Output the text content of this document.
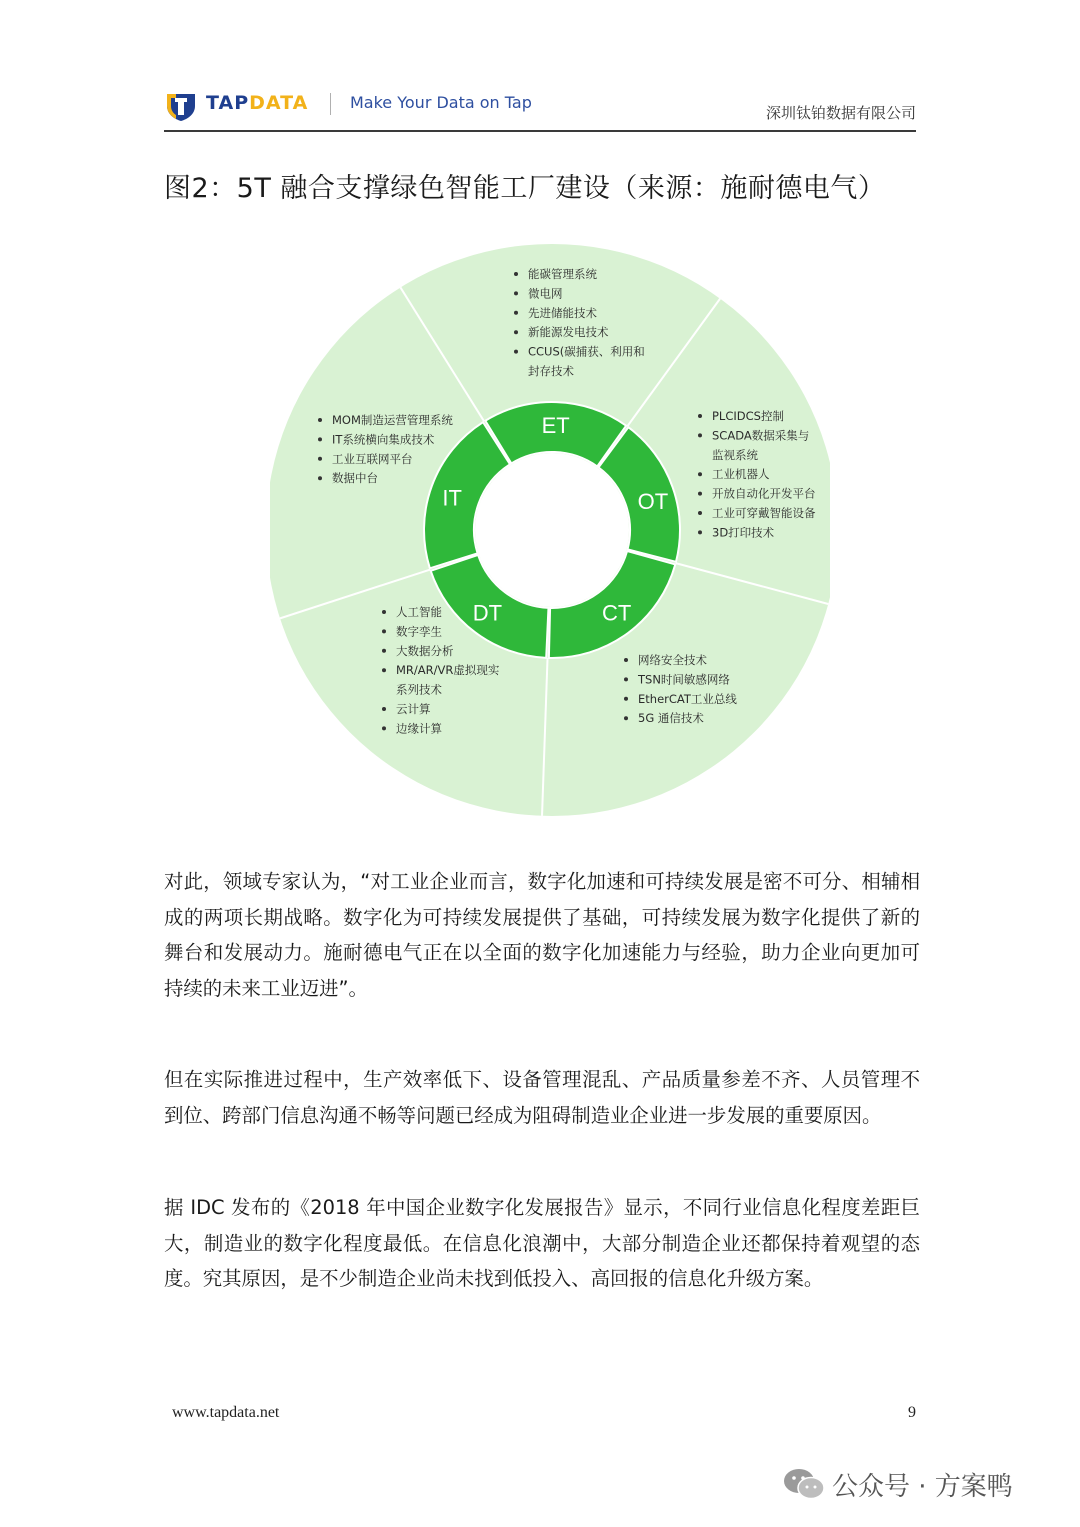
TAPDATA	Make Your Data on Tap
深圳钛铂数据有限公司
图2：5T 融合支撑绿色智能工厂建设（来源：施耐德电气）
ET
能碳管理系统
微电网
先进储能技术
新能源发电技术
CCUS(碳捕获、利用和
封存技术
OT
PLCIDCS控制
SCADA数据采集与
监视系统
工业机器人
开放自动化开发平台
工业可穿戴智能设备
3D打印技术
CT
网络安全技术
TSN时间敏感网络
EtherCAT工业总线
5G 通信技术
DT
人工智能
数字孪生
大数据分析
MR/AR/VR虚拟现实
系列技术
云计算
边缘计算
IT
MOM制造运营管理系统
IT系统横向集成技术
工业互联网平台
数据中台

对此，领域专家认为，“对工业企业而言，数字化加速和可持续发展是密不可分、相辅相成的两项长期战略。数字化为可持续发展提供了基础，可持续发展为数字化提供了新的舞台和发展动力。施耐德电气正在以全面的数字化加速能力与经验，助力企业向更加可持续的未来工业迈进”。

但在实际推进过程中，生产效率低下、设备管理混乱、产品质量参差不齐、人员管理不到位、跨部门信息沟通不畅等问题已经成为阻碍制造业企业进一步发展的重要原因。

据 IDC 发布的《2018 年中国企业数字化发展报告》显示，不同行业信息化程度差距巨大，制造业的数字化程度最低。在信息化浪潮中，大部分制造企业还都保持着观望的态度。究其原因，是不少制造企业尚未找到低投入、高回报的信息化升级方案。

www.tapdata.net	9
公众号 · 方案鸭
